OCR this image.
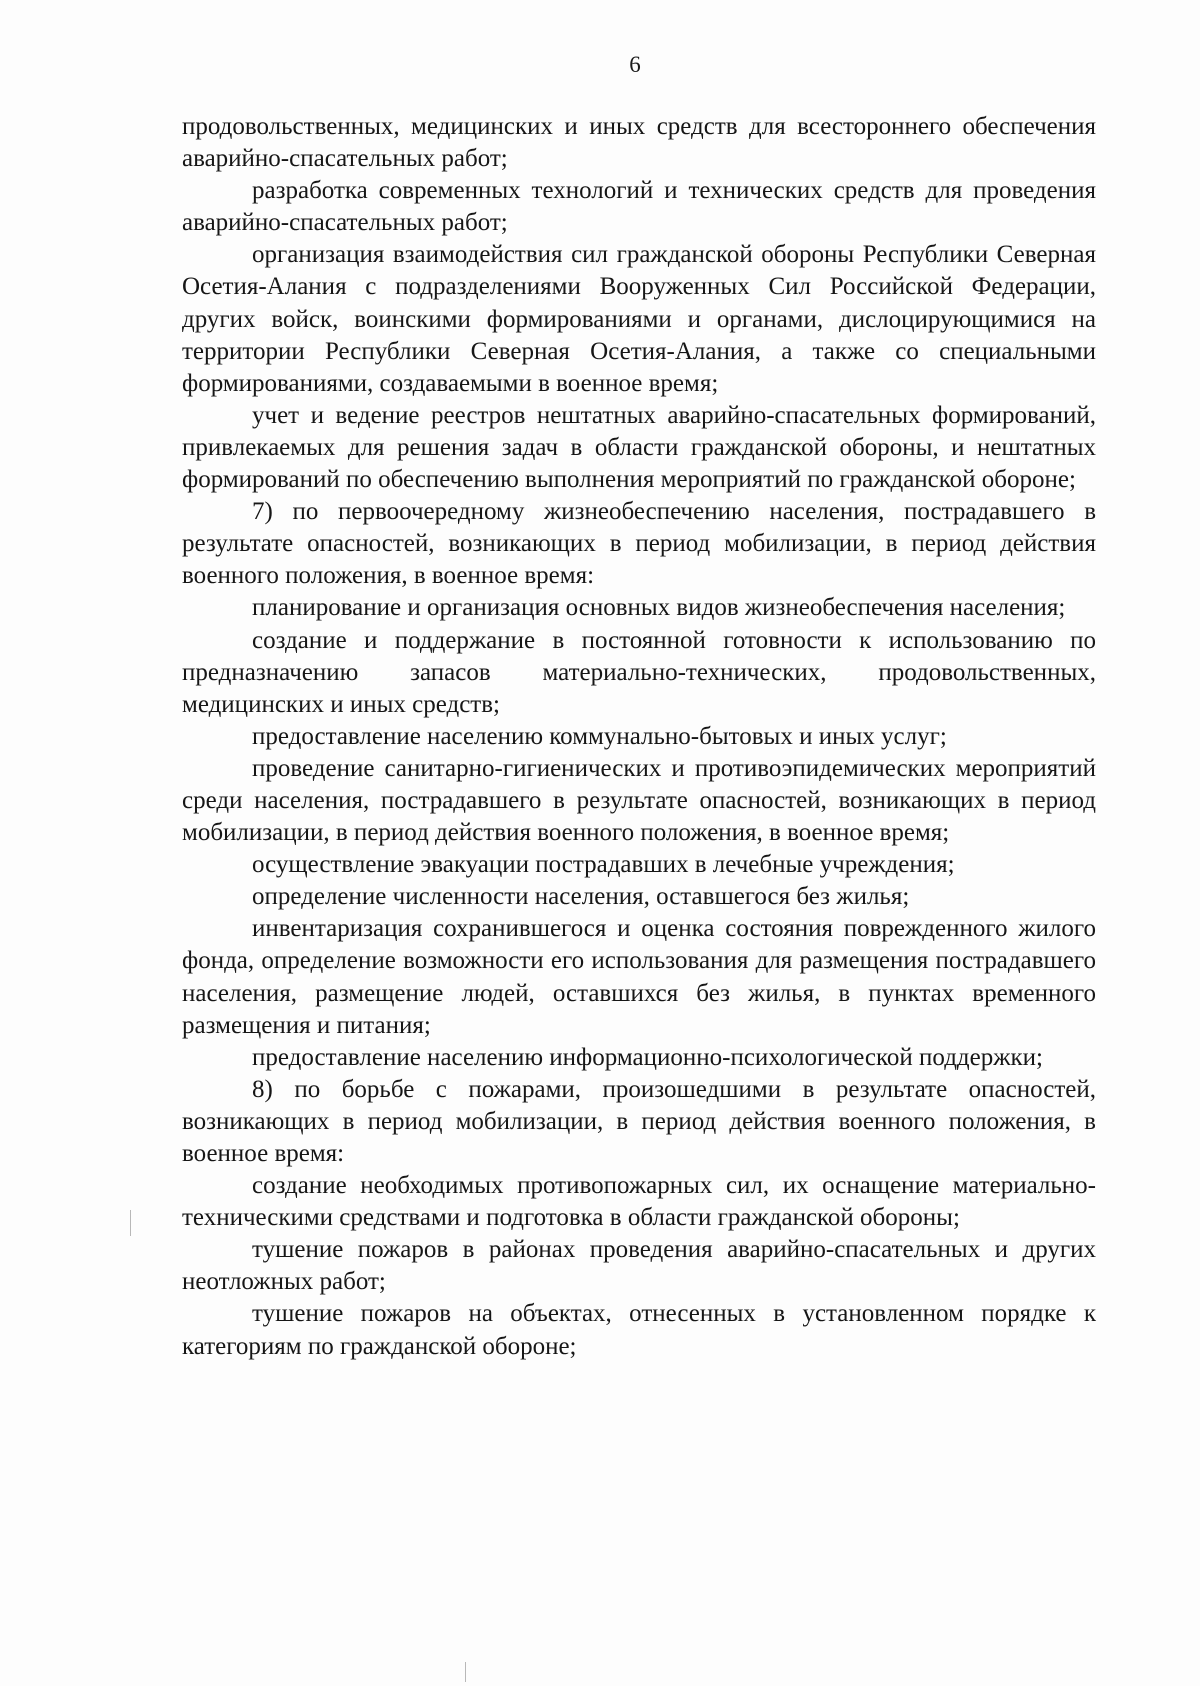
6

продовольственных, медицинских и иных средств для всестороннего обеспечения аварийно-спасательных работ;

разработка современных технологий и технических средств для проведения аварийно-спасательных работ;

организация взаимодействия сил гражданской обороны Республики Северная Осетия-Алания с подразделениями Вооруженных Сил Российской Федерации, других войск, воинскими формированиями и органами, дислоцирующимися на территории Республики Северная Осетия-Алания, а также со специальными формированиями, создаваемыми в военное время;

учет и ведение реестров нештатных аварийно-спасательных формирований, привлекаемых для решения задач в области гражданской обороны, и нештатных формирований по обеспечению выполнения мероприятий по гражданской обороне;

7) по первоочередному жизнеобеспечению населения, пострадавшего в результате опасностей, возникающих в период мобилизации, в период действия военного положения, в военное время:

планирование и организация основных видов жизнеобеспечения населения;

создание и поддержание в постоянной готовности к использованию по предназначению запасов материально-технических, продовольственных, медицинских и иных средств;

предоставление населению коммунально-бытовых и иных услуг;

проведение санитарно-гигиенических и противоэпидемических мероприятий среди населения, пострадавшего в результате опасностей, возникающих в период мобилизации, в период действия военного положения, в военное время;

осуществление эвакуации пострадавших в лечебные учреждения;

определение численности населения, оставшегося без жилья;

инвентаризация сохранившегося и оценка состояния поврежденного жилого фонда, определение возможности его использования для размещения пострадавшего населения, размещение людей, оставшихся без жилья, в пунктах временного размещения и питания;

предоставление населению информационно-психологической поддержки;

8) по борьбе с пожарами, произошедшими в результате опасностей, возникающих в период мобилизации, в период действия военного положения, в военное время:

создание необходимых противопожарных сил, их оснащение материально-техническими средствами и подготовка в области гражданской обороны;

тушение пожаров в районах проведения аварийно-спасательных и других неотложных работ;

тушение пожаров на объектах, отнесенных в установленном порядке к категориям по гражданской обороне;
